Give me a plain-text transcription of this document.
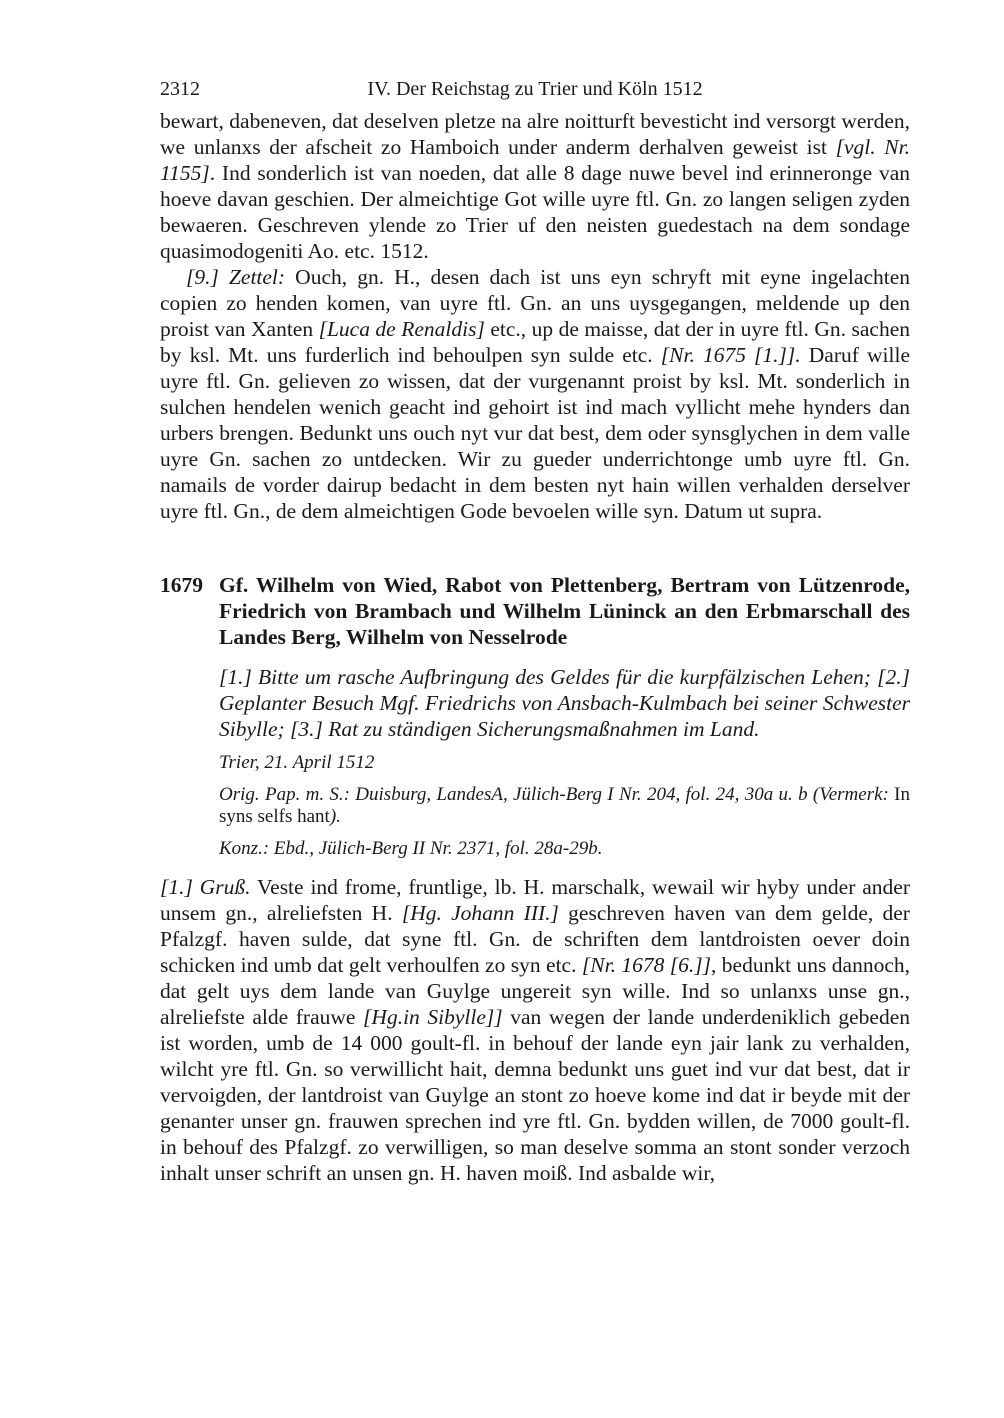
2312	IV. Der Reichstag zu Trier und Köln 1512

bewart, dabeneven, dat deselven pletze na alre noitturft bevesticht ind versorgt werden, we unlanxs der afscheit zo Hamboich under anderm derhalven geweist ist [vgl. Nr. 1155]. Ind sonderlich ist van noeden, dat alle 8 dage nuwe bevel ind erinneronge van hoeve davan geschien. Der almeichtige Got wille uyre ftl. Gn. zo langen seligen zyden bewaeren. Geschreven ylende zo Trier uf den neisten guedestach na dem sondage quasimodogeniti Ao. etc. 1512.

[9.] Zettel: Ouch, gn. H., desen dach ist uns eyn schryft mit eyne ingelachten copien zo henden komen, van uyre ftl. Gn. an uns uysgegangen, meldende up den proist van Xanten [Luca de Renaldis] etc., up de maisse, dat der in uyre ftl. Gn. sachen by ksl. Mt. uns furderlich ind behoulpen syn sulde etc. [Nr. 1675 [1.]]. Daruf wille uyre ftl. Gn. gelieven zo wissen, dat der vurgenannt proist by ksl. Mt. sonderlich in sulchen hendelen wenich geacht ind gehoirt ist ind mach vyllicht mehe hynders dan urbers brengen. Bedunkt uns ouch nyt vur dat best, dem oder synsglychen in dem valle uyre Gn. sachen zo untdecken. Wir zu gueder underrichtonge umb uyre ftl. Gn. namails de vorder dairup bedacht in dem besten nyt hain willen verhalden derselver uyre ftl. Gn., de dem almeichtigen Gode bevoelen wille syn. Datum ut supra.

1679 Gf. Wilhelm von Wied, Rabot von Plettenberg, Bertram von Lützenrode, Friedrich von Brambach und Wilhelm Lüninck an den Erbmarschall des Landes Berg, Wilhelm von Nesselrode
[1.] Bitte um rasche Aufbringung des Geldes für die kurpfälzischen Lehen; [2.] Geplanter Besuch Mgf. Friedrichs von Ansbach-Kulmbach bei seiner Schwester Sibylle; [3.] Rat zu ständigen Sicherungsmaßnahmen im Land.
Trier, 21. April 1512
Orig. Pap. m. S.: Duisburg, LandesA, Jülich-Berg I Nr. 204, fol. 24, 30a u. b (Vermerk: In syns selfs hant).
Konz.: Ebd., Jülich-Berg II Nr. 2371, fol. 28a-29b.

[1.] Gruß. Veste ind frome, fruntlige, lb. H. marschalk, wewail wir hyby under ander unsem gn., alreliefsten H. [Hg. Johann III.] geschreven haven van dem gelde, der Pfalzgf. haven sulde, dat syne ftl. Gn. de schriften dem lantdroisten oever doin schicken ind umb dat gelt verhoulfen zo syn etc. [Nr. 1678 [6.]], bedunkt uns dannoch, dat gelt uys dem lande van Guylge ungereit syn wille. Ind so unlanxs unse gn., alreliefste alde frauwe [Hg.in Sibylle]] van wegen der lande underdeniklich gebeden ist worden, umb de 14 000 goult-fl. in behouf der lande eyn jair lank zu verhalden, wilcht yre ftl. Gn. so verwillicht hait, demna bedunkt uns guet ind vur dat best, dat ir vervoigden, der lantdroist van Guylge an stont zo hoeve kome ind dat ir beyde mit der genanter unser gn. frauwen sprechen ind yre ftl. Gn. bydden willen, de 7000 goult-fl. in behouf des Pfalzgf. zo verwilligen, so man deselve somma an stont sonder verzoch inhalt unser schrift an unsen gn. H. haven moiß. Ind asbalde wir,
